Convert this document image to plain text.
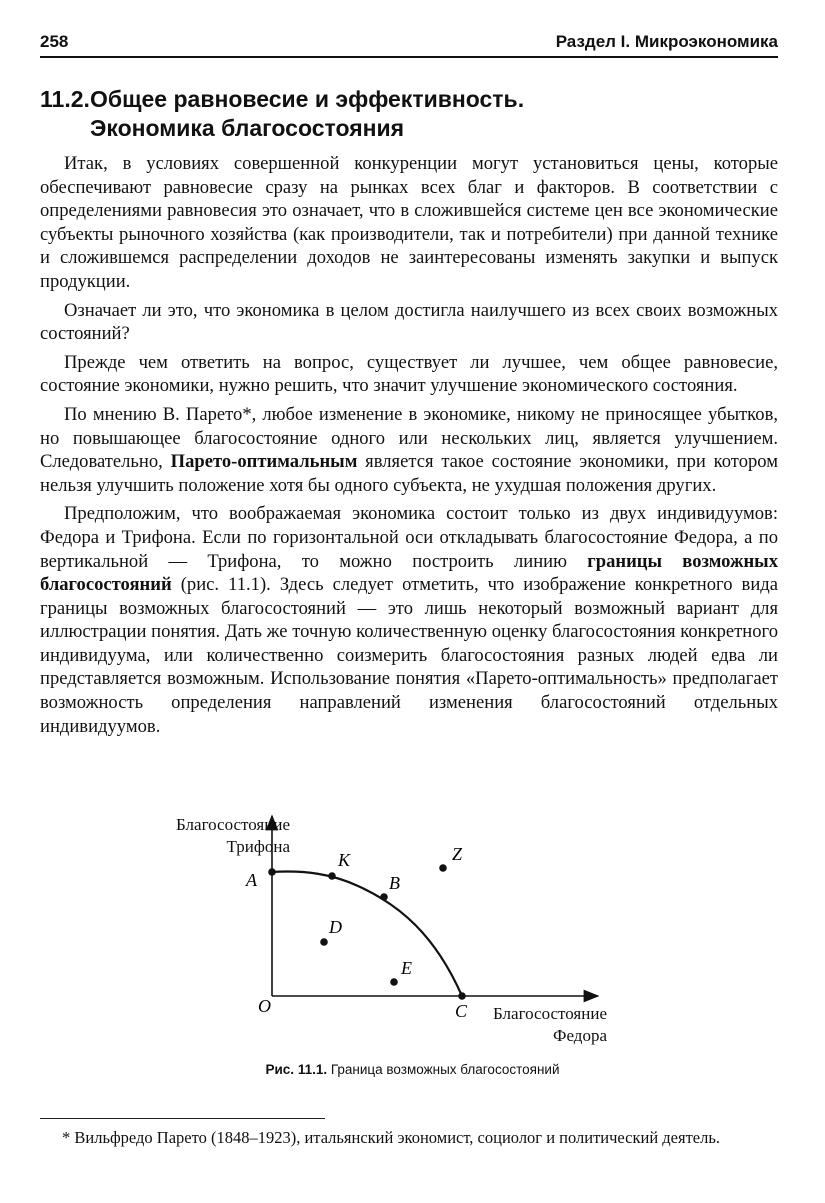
258	Раздел I. Микроэкономика
11.2.Общее равновесие и эффективность.
Экономика благосостояния

Итак, в условиях совершенной конкуренции могут установиться цены, которые обеспечивают равновесие сразу на рынках всех благ и факторов. В соответствии с определениями равновесия это означает, что в сложившейся системе цен все экономические субъекты рыночного хозяйства (как производители, так и потребители) при данной технике и сложившемся распределении доходов не заинтересованы изменять закупки и выпуск продукции.

Означает ли это, что экономика в целом достигла наилучшего из всех своих возможных состояний?

Прежде чем ответить на вопрос, существует ли лучшее, чем общее равновесие, состояние экономики, нужно решить, что значит улучшение экономического состояния.

По мнению В. Парето*, любое изменение в экономике, никому не приносящее убытков, но повышающее благосостояние одного или нескольких лиц, является улучшением. Следовательно, Парето-оптимальным является такое состояние экономики, при котором нельзя улучшить положение хотя бы одного субъекта, не ухудшая положения других.

Предположим, что воображаемая экономика состоит только из двух индивидуумов: Федора и Трифона. Если по горизонтальной оси откладывать благосостояние Федора, а по вертикальной — Трифона, то можно построить линию границы возможных благосостояний (рис. 11.1). Здесь следует отметить, что изображение конкретного вида границы возможных благосостояний — это лишь некоторый возможный вариант для иллюстрации понятия. Дать же точную количественную оценку благосостояния конкретного индивидуума, или количественно соизмерить благосостояния разных людей едва ли представляется возможным. Использование понятия «Парето-оптимальность» предполагает возможность определения направлений изменения благосостояний отдельных индивидуумов.

A
K
B
Z
D
E
O	C
Благосостояние
Трифона
Благосостояние
Федора
Рис. 11.1. Граница возможных благосостояний
* Вильфредо Парето (1848–1923), итальянский экономист, социолог и политический деятель.
